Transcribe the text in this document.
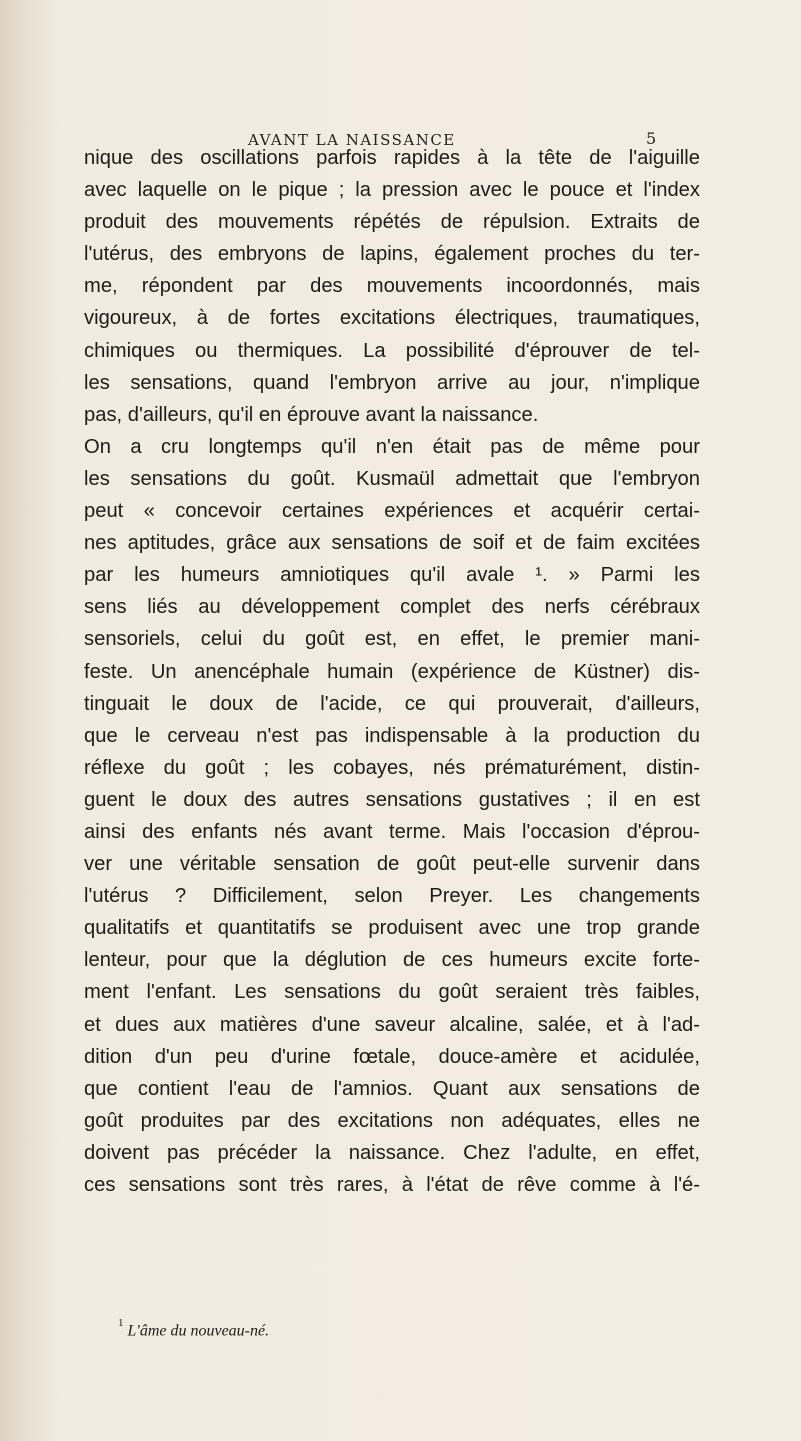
AVANT LA NAISSANCE	5
nique des oscillations parfois rapides à la tête de l'aiguille
avec laquelle on le pique ; la pression avec le pouce et l'index
produit des mouvements répétés de répulsion. Extraits de
l'utérus, des embryons de lapins, également proches du ter-
me, répondent par des mouvements incoordonnés, mais
vigoureux, à de fortes excitations électriques, traumatiques,
chimiques ou thermiques. La possibilité d'éprouver de tel-
les sensations, quand l'embryon arrive au jour, n'implique
pas, d'ailleurs, qu'il en éprouve avant la naissance.
On a cru longtemps qu'il n'en était pas de même pour
les sensations du goût. Kusmaül admettait que l'embryon
peut « concevoir certaines expériences et acquérir certai-
nes aptitudes, grâce aux sensations de soif et de faim excitées
par les humeurs amniotiques qu'il avale ¹. » Parmi les
sens liés au développement complet des nerfs cérébraux
sensoriels, celui du goût est, en effet, le premier mani-
feste. Un anencéphale humain (expérience de Küstner) dis-
tinguait le doux de l'acide, ce qui prouverait, d'ailleurs,
que le cerveau n'est pas indispensable à la production du
réflexe du goût ; les cobayes, nés prématurément, distin-
guent le doux des autres sensations gustatives ; il en est
ainsi des enfants nés avant terme. Mais l'occasion d'éprou-
ver une véritable sensation de goût peut-elle survenir dans
l'utérus ? Difficilement, selon Preyer. Les changements
qualitatifs et quantitatifs se produisent avec une trop grande
lenteur, pour que la déglution de ces humeurs excite forte-
ment l'enfant. Les sensations du goût seraient très faibles,
et dues aux matières d'une saveur alcaline, salée, et à l'ad-
dition d'un peu d'urine fœtale, douce-amère et acidulée,
que contient l'eau de l'amnios. Quant aux sensations de
goût produites par des excitations non adéquates, elles ne
doivent pas précéder la naissance. Chez l'adulte, en effet,
ces sensations sont très rares, à l'état de rêve comme à l'é-
$^1$ L'âme du nouveau-né.
